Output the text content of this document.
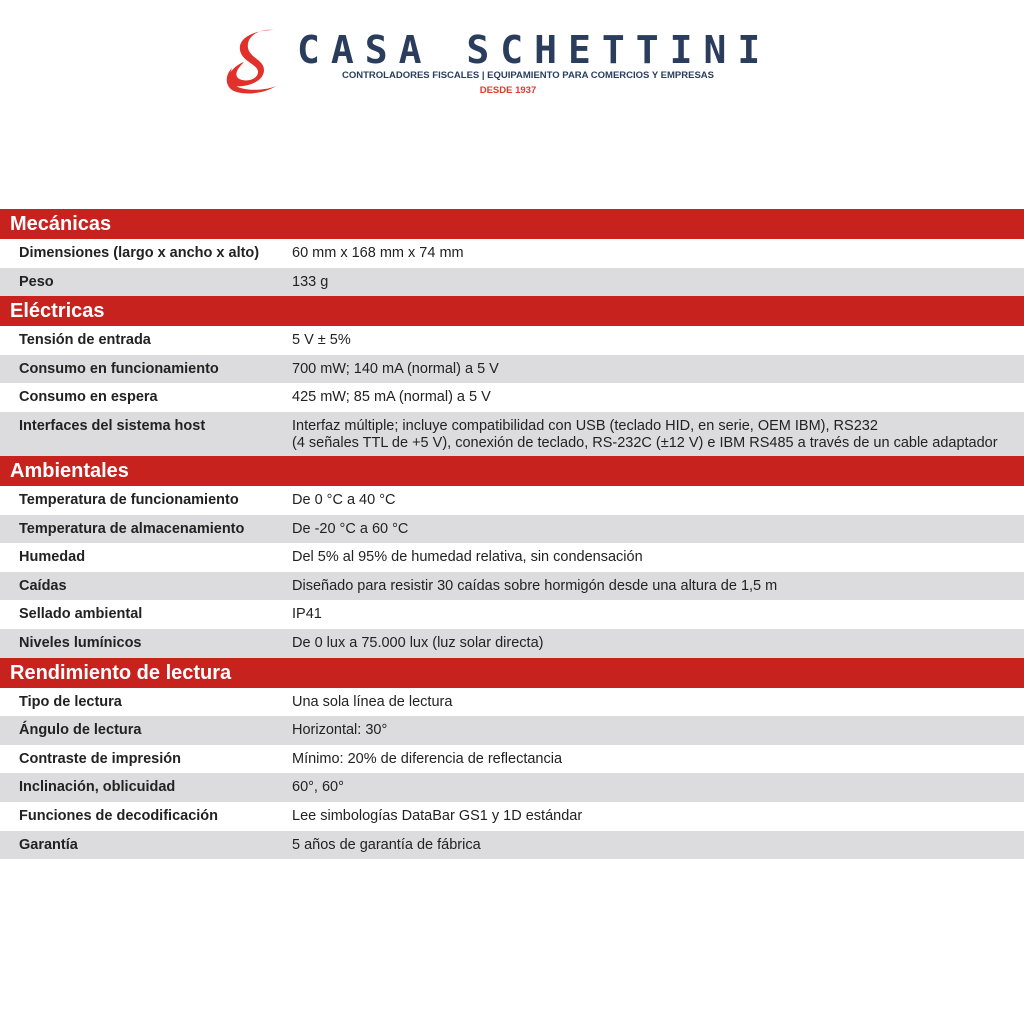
CASA SCHETTINI
CONTROLADORES FISCALES | EQUIPAMIENTO PARA COMERCIOS Y EMPRESAS
DESDE 1937
Mecánicas
Dimensiones (largo x ancho x alto)	60 mm x 168 mm x 74 mm
Peso	133 g
Eléctricas
Tensión de entrada	5 V ± 5%
Consumo en funcionamiento	700 mW; 140 mA (normal) a 5 V
Consumo en espera	425 mW; 85 mA (normal) a 5 V
Interfaces del sistema host	Interfaz múltiple; incluye compatibilidad con USB (teclado HID, en serie, OEM IBM), RS232
(4 señales TTL de +5 V), conexión de teclado, RS-232C (±12 V) e IBM RS485 a través de un cable adaptador
Ambientales
Temperatura de funcionamiento	De 0 °C a 40 °C
Temperatura de almacenamiento	De -20 °C a 60 °C
Humedad	Del 5% al 95% de humedad relativa, sin condensación
Caídas	Diseñado para resistir 30 caídas sobre hormigón desde una altura de 1,5 m
Sellado ambiental	IP41
Niveles lumínicos	De 0 lux a 75.000 lux (luz solar directa)
Rendimiento de lectura
Tipo de lectura	Una sola línea de lectura
Ángulo de lectura	Horizontal: 30°
Contraste de impresión	Mínimo: 20% de diferencia de reflectancia
Inclinación, oblicuidad	60°, 60°
Funciones de decodificación	Lee simbologías DataBar GS1 y 1D estándar
Garantía	5 años de garantía de fábrica
